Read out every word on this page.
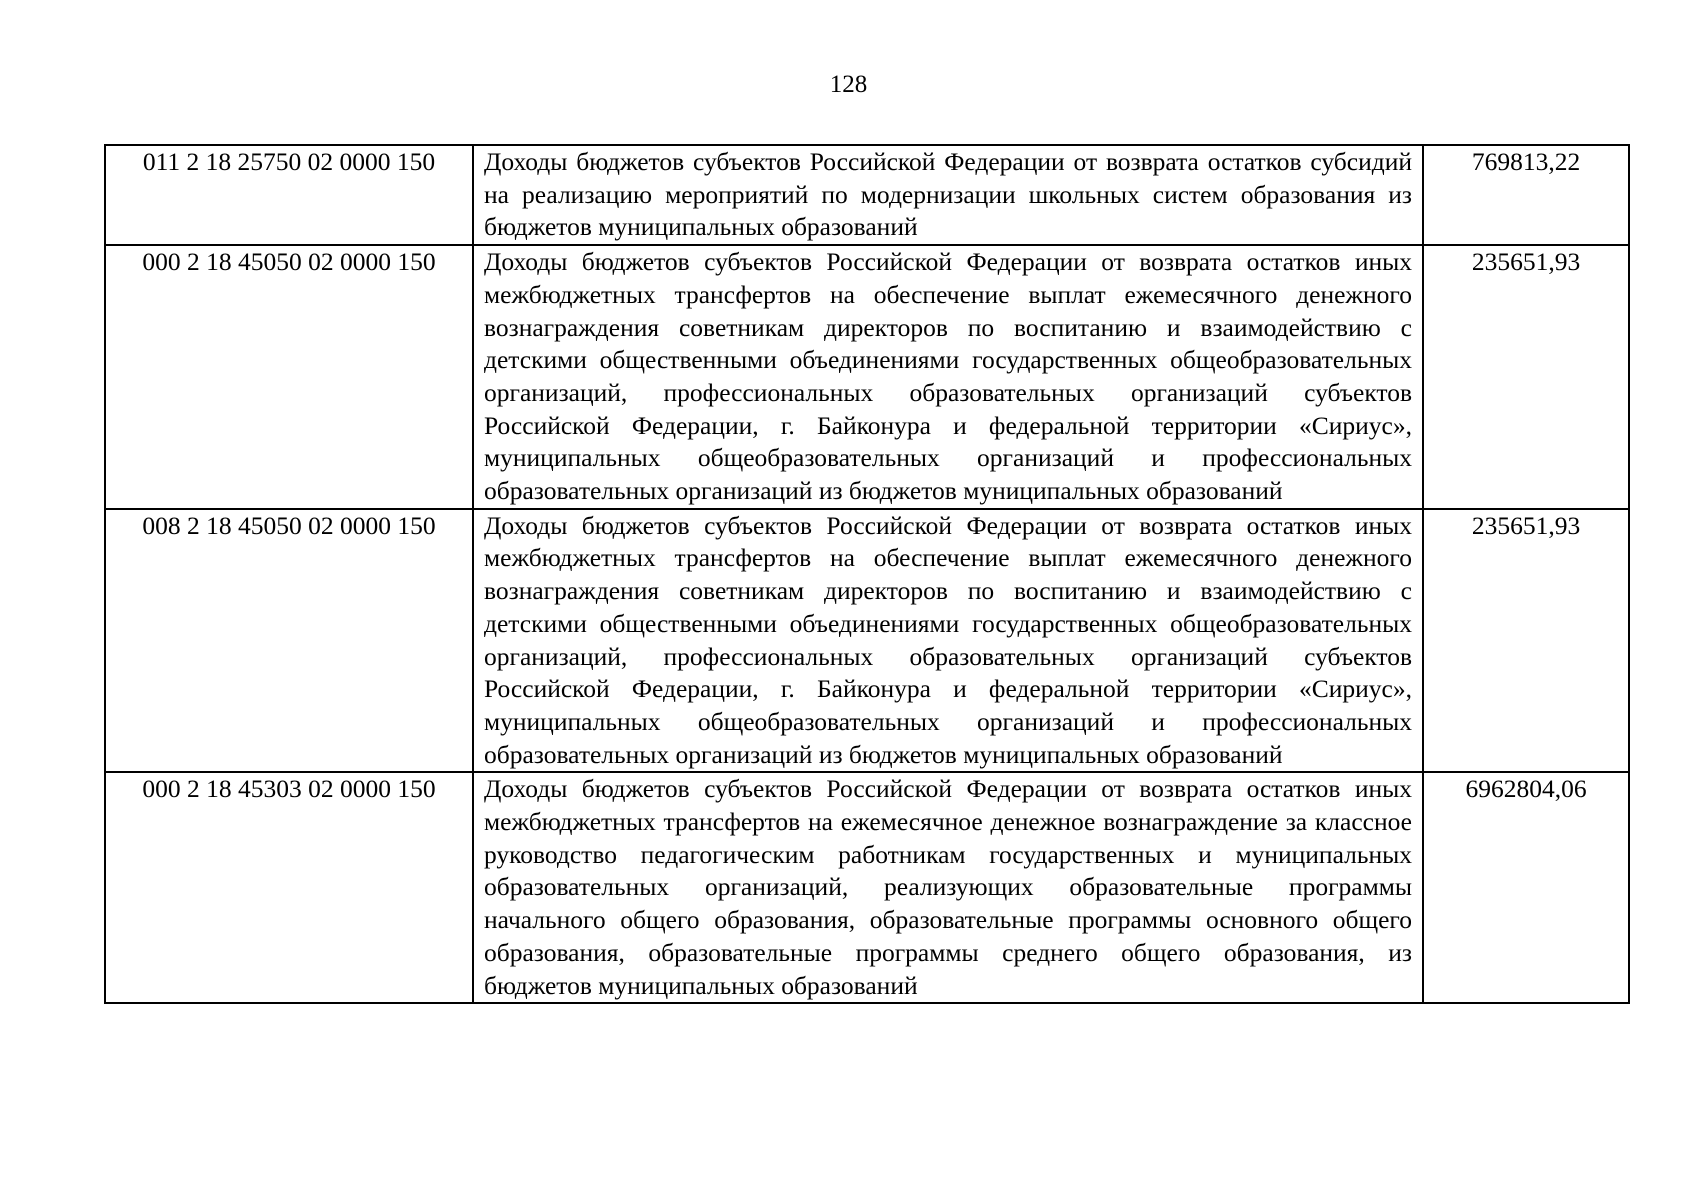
128
011 2 18 25750 02 0000 150	Доходы бюджетов субъектов Российской Федерации от возврата остатков субсидий на реализацию мероприятий по модернизации школьных систем образования из бюджетов муниципальных образований	769813,22
000 2 18 45050 02 0000 150	Доходы бюджетов субъектов Российской Федерации от возврата остатков иных межбюджетных трансфертов на обеспечение выплат ежемесячного денежного вознаграждения советникам директоров по воспитанию и взаимодействию с детскими общественными объединениями государственных общеобразовательных организаций, профессиональных образовательных организаций субъектов Российской Федерации, г. Байконура и федеральной территории «Сириус», муниципальных общеобразовательных организаций и профессиональных образовательных организаций из бюджетов муниципальных образований	235651,93
008 2 18 45050 02 0000 150	Доходы бюджетов субъектов Российской Федерации от возврата остатков иных межбюджетных трансфертов на обеспечение выплат ежемесячного денежного вознаграждения советникам директоров по воспитанию и взаимодействию с детскими общественными объединениями государственных общеобразовательных организаций, профессиональных образовательных организаций субъектов Российской Федерации, г. Байконура и федеральной территории «Сириус», муниципальных общеобразовательных организаций и профессиональных образовательных организаций из бюджетов муниципальных образований	235651,93
000 2 18 45303 02 0000 150	Доходы бюджетов субъектов Российской Федерации от возврата остатков иных межбюджетных трансфертов на ежемесячное денежное вознаграждение за классное руководство педагогическим работникам государственных и муниципальных образовательных организаций, реализующих образовательные программы начального общего образования, образовательные программы основного общего образования, образовательные программы среднего общего образования, из бюджетов муниципальных образований	6962804,06
